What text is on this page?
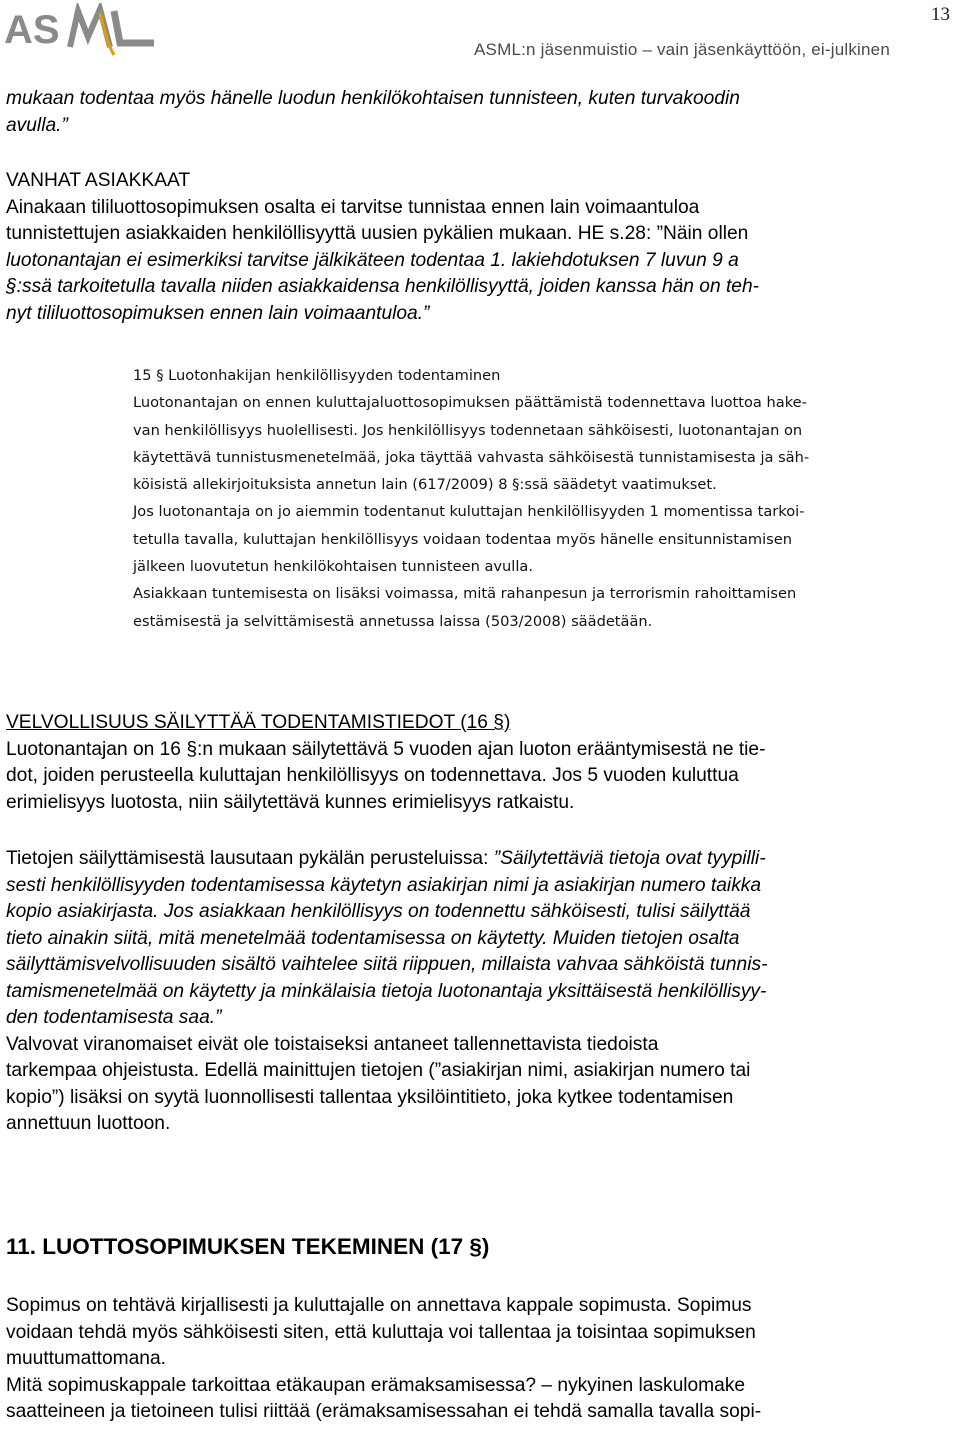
AS	ASML:n jäsenmuistio – vain jäsenkäyttöön, ei-julkinen
13

mukaan todentaa myös hänelle luodun henkilökohtaisen tunnisteen, kuten turvakoodin

avulla.”

VANHAT ASIAKKAAT

Ainakaan tililuottosopimuksen osalta ei tarvitse tunnistaa ennen lain voimaantuloa

tunnistettujen asiakkaiden henkilöllisyyttä uusien pykälien mukaan. HE s.28: ”Näin ollen

luotonantajan ei esimerkiksi tarvitse jälkikäteen todentaa 1. lakiehdotuksen 7 luvun 9 a

§:ssä tarkoitetulla tavalla niiden asiakkaidensa henkilöllisyyttä, joiden kanssa hän on teh-

nyt tililuottosopimuksen ennen lain voimaantuloa.”

15 § Luotonhakijan henkilöllisyyden todentaminen
Luotonantajan on ennen kuluttajaluottosopimuksen päättämistä todennettava luottoa hake-
van henkilöllisyys huolellisesti. Jos henkilöllisyys todennetaan sähköisesti, luotonantajan on
käytettävä tunnistusmenetelmää, joka täyttää vahvasta sähköisestä tunnistamisesta ja säh-
köisistä allekirjoituksista annetun lain (617/2009) 8 §:ssä säädetyt vaatimukset.
Jos luotonantaja on jo aiemmin todentanut kuluttajan henkilöllisyyden 1 momentissa tarkoi-
tetulla tavalla, kuluttajan henkilöllisyys voidaan todentaa myös hänelle ensitunnistamisen
jälkeen luovutetun henkilökohtaisen tunnisteen avulla.
Asiakkaan tuntemisesta on lisäksi voimassa, mitä rahanpesun ja terrorismin rahoittamisen
estämisestä ja selvittämisestä annetussa laissa (503/2008) säädetään.

VELVOLLISUUS SÄILYTTÄÄ TODENTAMISTIEDOT (16 §)

Luotonantajan on 16 §:n mukaan säilytettävä 5 vuoden ajan luoton erääntymisestä ne tie-

dot, joiden perusteella kuluttajan henkilöllisyys on todennettava. Jos 5 vuoden kuluttua

erimielisyys luotosta, niin säilytettävä kunnes erimielisyys ratkaistu.

Tietojen säilyttämisestä lausutaan pykälän perusteluissa: ”Säilytettäviä tietoja ovat tyypilli-

sesti henkilöllisyyden todentamisessa käytetyn asiakirjan nimi ja asiakirjan numero taikka

kopio asiakirjasta. Jos asiakkaan henkilöllisyys on todennettu sähköisesti, tulisi säilyttää

tieto ainakin siitä, mitä menetelmää todentamisessa on käytetty. Muiden tietojen osalta

säilyttämisvelvollisuuden sisältö vaihtelee siitä riippuen, millaista vahvaa sähköistä tunnis-

tamismenetelmää on käytetty ja minkälaisia tietoja luotonantaja yksittäisestä henkilöllisyy-

den todentamisesta saa.”

Valvovat viranomaiset eivät ole toistaiseksi antaneet tallennettavista tiedoista

tarkempaa ohjeistusta. Edellä mainittujen tietojen (”asiakirjan nimi, asiakirjan numero tai

kopio”) lisäksi on syytä luonnollisesti tallentaa yksilöintitieto, joka kytkee todentamisen

annettuun luottoon.

11. LUOTTOSOPIMUKSEN TEKEMINEN (17 §)

Sopimus on tehtävä kirjallisesti ja kuluttajalle on annettava kappale sopimusta. Sopimus

voidaan tehdä myös sähköisesti siten, että kuluttaja voi tallentaa ja toisintaa sopimuksen

muuttumattomana.

Mitä sopimuskappale tarkoittaa etäkaupan erämaksamisessa? – nykyinen laskulomake

saatteineen ja tietoineen tulisi riittää (erämaksamisessahan ei tehdä samalla tavalla sopi-
